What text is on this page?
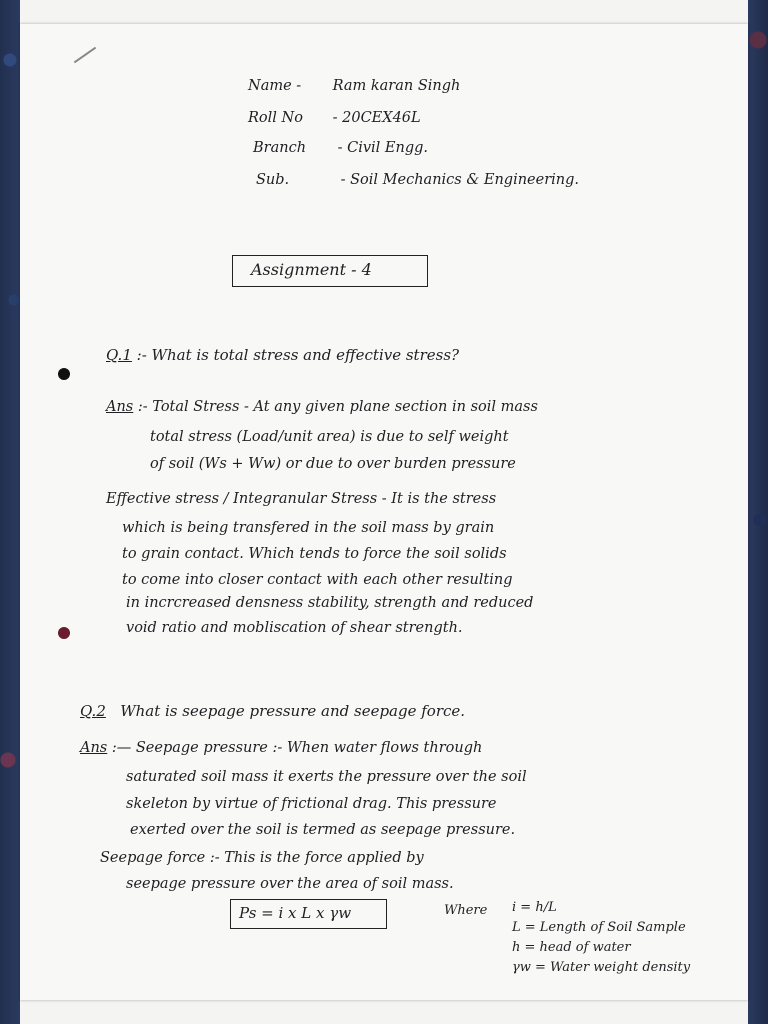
Name - Ram karan Singh
Roll No - 20CEX46L
Branch - Civil Engg.
Sub.	- Soil Mechanics & Engineering.
Assignment - 4
Q.1 :- What is total stress and effective stress?
Ans :- Total Stress - At any given plane section in soil mass
total stress (Load/unit area) is due to self weight
of soil (Ws + Ww) or due to over burden pressure
Effective stress / Integranular Stress - It is the stress
which is being transfered in the soil mass by grain
to grain contact. Which tends to force the soil solids
to come into closer contact with each other resulting
in incrcreased densness stability, strength and reduced
void ratio and mobliscation of shear strength.
Q.2 What is seepage pressure and seepage force.
Ans :— Seepage pressure :- When water flows through
saturated soil mass it exerts the pressure over the soil
skeleton by virtue of frictional drag. This pressure
exerted over the soil is termed as seepage pressure.
Seepage force :- This is the force applied by
seepage pressure over the area of soil mass.
Ps = i x L x γw	Where i = h/L
L = Length of Soil Sample
h = head of water
γw = Water weight density
